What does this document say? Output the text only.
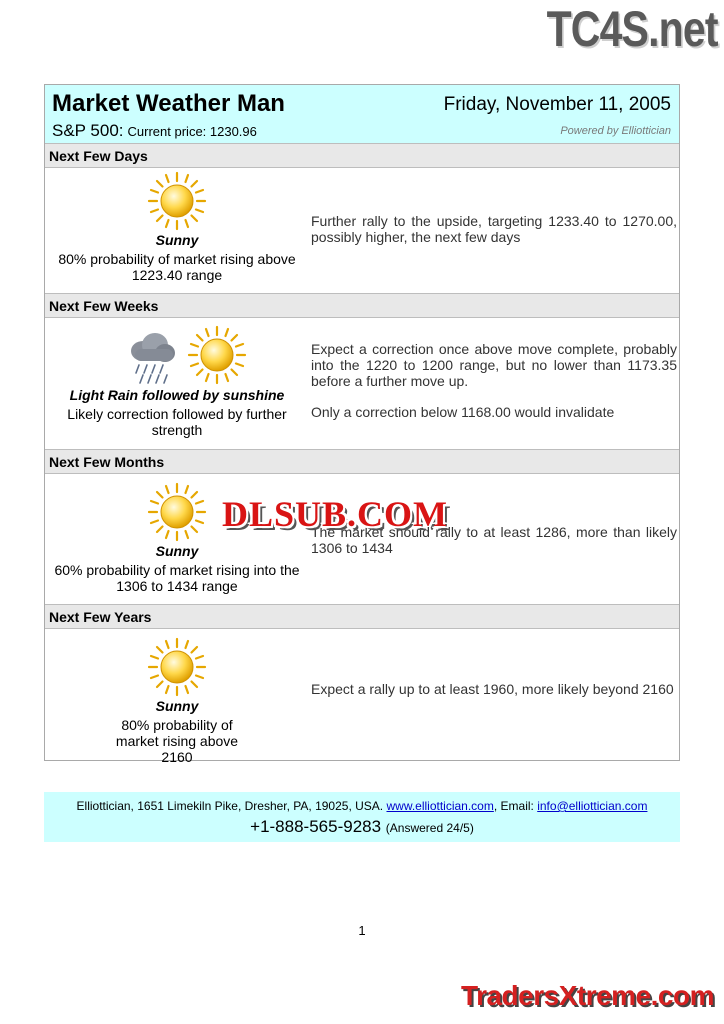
TC4S.net
Market Weather Man	Friday, November 11, 2005
S&P 500: Current price: 1230.96	Powered by Elliottician
Next Few Days
Sunny
80% probability of market rising above 1223.40 range

Further rally to the upside, targeting 1233.40 to 1270.00, possibly higher, the next few days

Next Few Weeks
Light Rain followed by sunshine
Likely correction followed by further strength

Expect a correction once above move complete, probably into the 1220 to 1200 range, but no lower than 1173.35 before a further move up.

Only a correction below 1168.00 would invalidate

Next Few Months
Sunny
60% probability of market rising into the 1306 to 1434 range

The market should rally to at least 1286, more than likely 1306 to 1434

Next Few Years
Sunny
80% probability of market rising above 2160

Expect a rally up to at least 1960, more likely beyond 2160

DLSUB.COM
Elliottician, 1651 Limekiln Pike, Dresher, PA, 19025, USA. www.elliottician.com, Email: info@elliottician.com
+1-888-565-9283 (Answered 24/5)
1
TradersXtreme.com
